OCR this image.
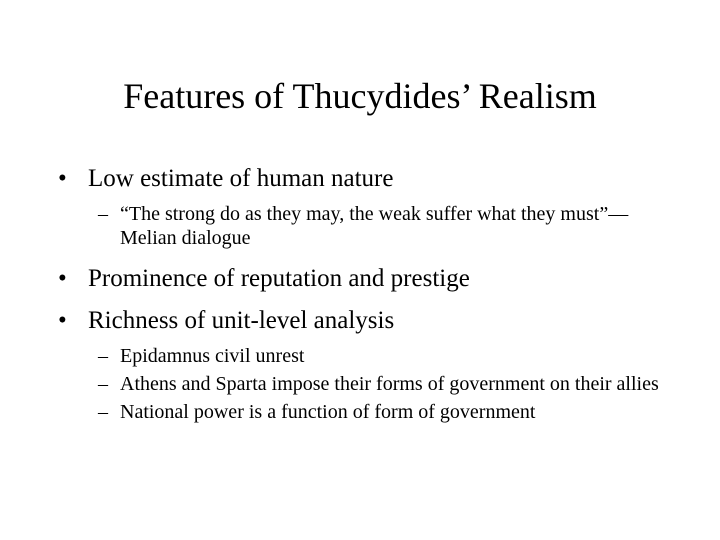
Features of Thucydides’ Realism
• Low estimate of human nature
– “The strong do as they may, the weak suffer what they must”—Melian dialogue
• Prominence of reputation and prestige
• Richness of unit-level analysis
– Epidamnus civil unrest
– Athens and Sparta impose their forms of government on their allies
– National power is a function of form of government
